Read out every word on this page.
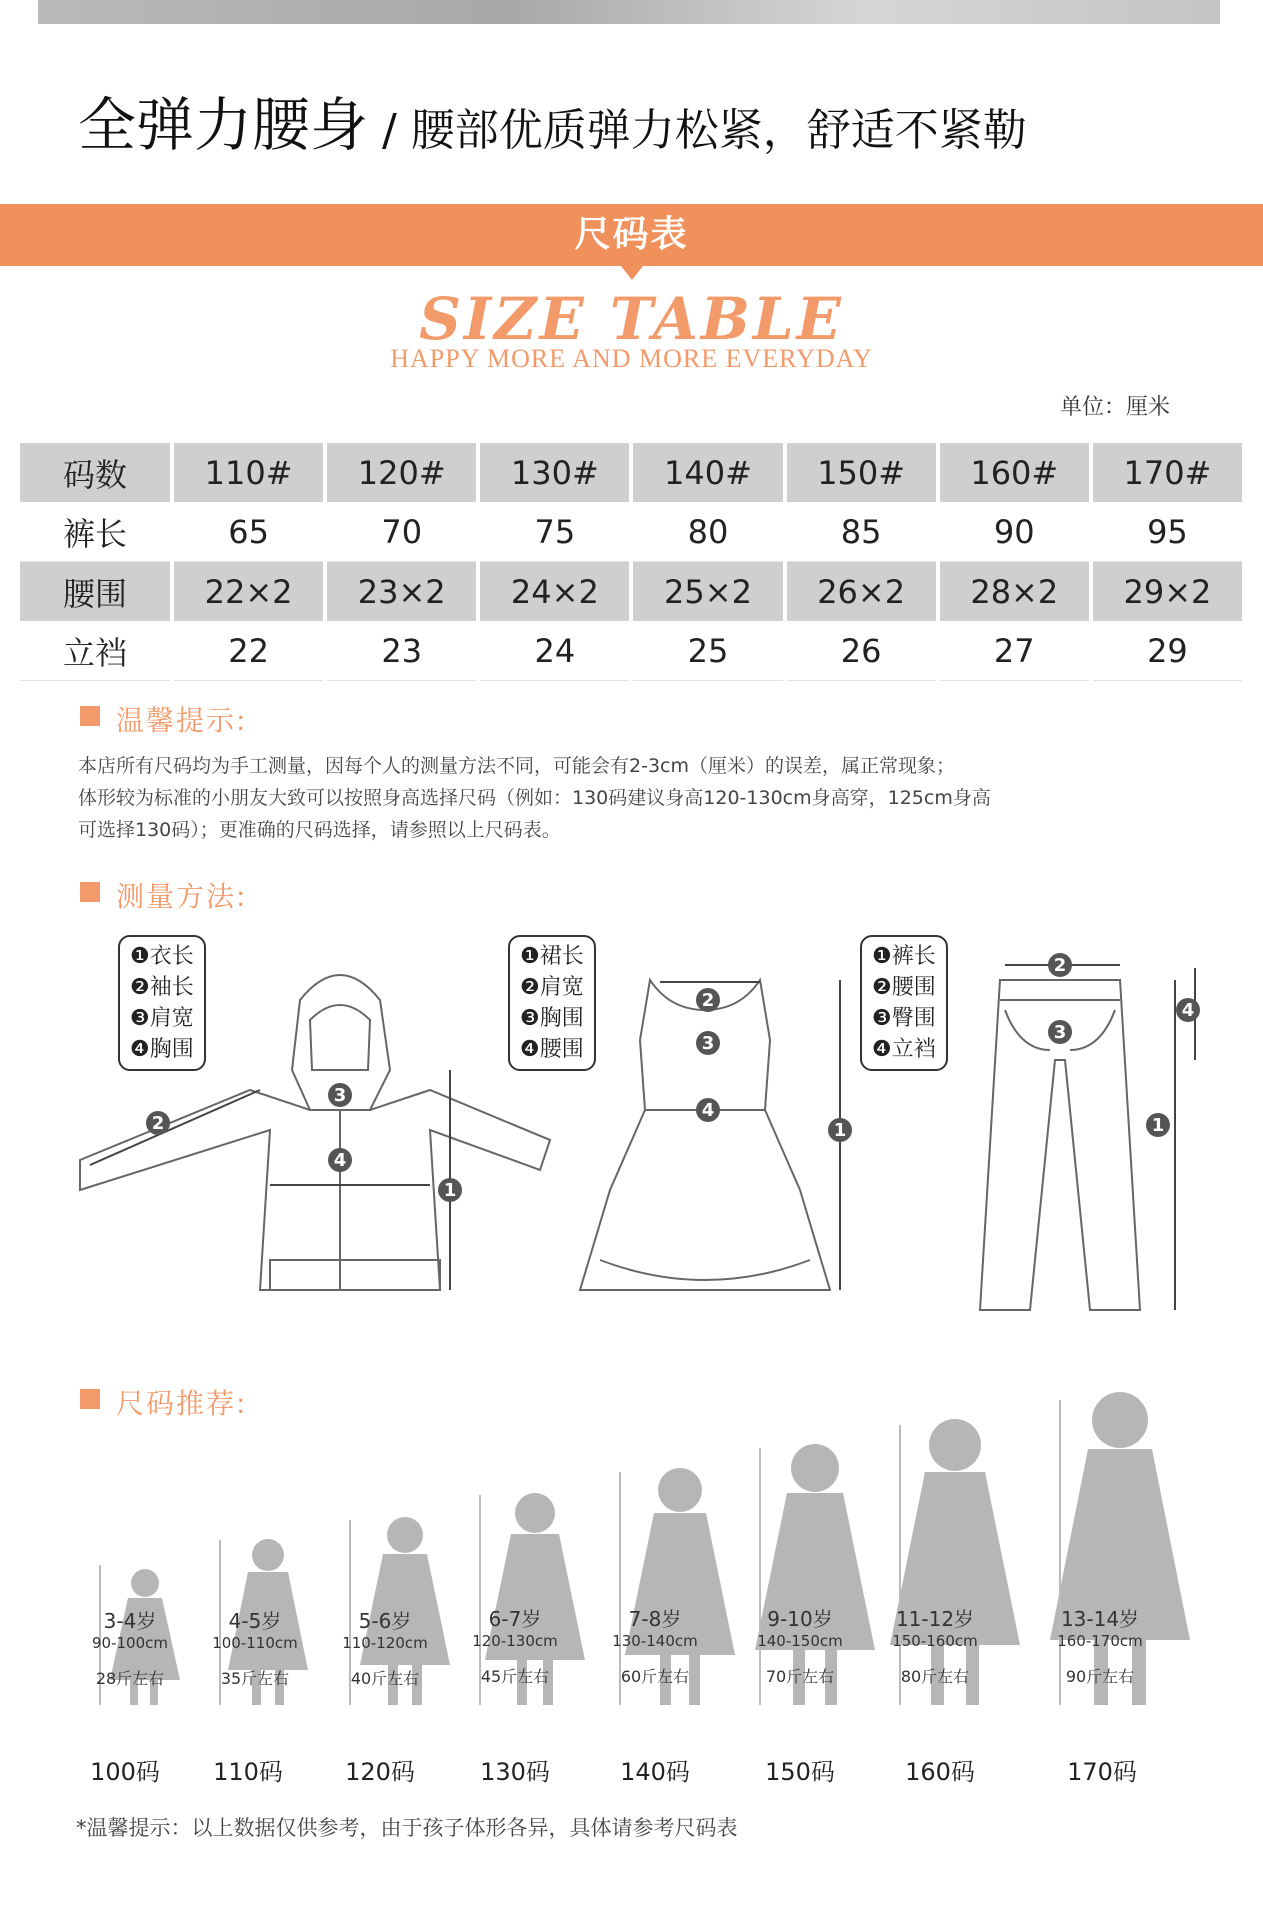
全弹力腰身 / 腰部优质弹力松紧，舒适不紧勒
尺码表
SIZE TABLE
HAPPY MORE AND MORE EVERYDAY
单位：厘米
码数	110#	120#	130#	140#	150#	160#	170#
裤长	65	70	75	80	85	90	95
腰围	22×2	23×2	24×2	25×2	26×2	28×2	29×2
立裆	22	23	24	25	26	27	29
温馨提示:
本店所有尺码均为手工测量，因每个人的测量方法不同，可能会有2-3cm（厘米）的误差，属正常现象；
体形较为标准的小朋友大致可以按照身高选择尺码（例如：130码建议身高120-130cm身高穿，125cm身高
可选择130码）；更准确的尺码选择，请参照以上尺码表。
测量方法:
1
2
3
4
❶衣长
❷袖长
❸肩宽
❹胸围
1
2
3
4
❶裙长
❷肩宽
❸胸围
❹腰围
2
3
4
1
❶裤长
❷腰围
❸臀围
❹立裆
尺码推荐:
3-4岁
90-100cm
28斤左右
4-5岁
100-110cm
35斤左右
5-6岁
110-120cm
40斤左右
6-7岁
120-130cm
45斤左右
7-8岁
130-140cm
60斤左右
9-10岁
140-150cm
70斤左右
11-12岁
150-160cm
80斤左右
13-14岁
160-170cm
90斤左右
100码	110码	120码	130码	140码	150码	160码	170码
*温馨提示：以上数据仅供参考，由于孩子体形各异，具体请参考尺码表
